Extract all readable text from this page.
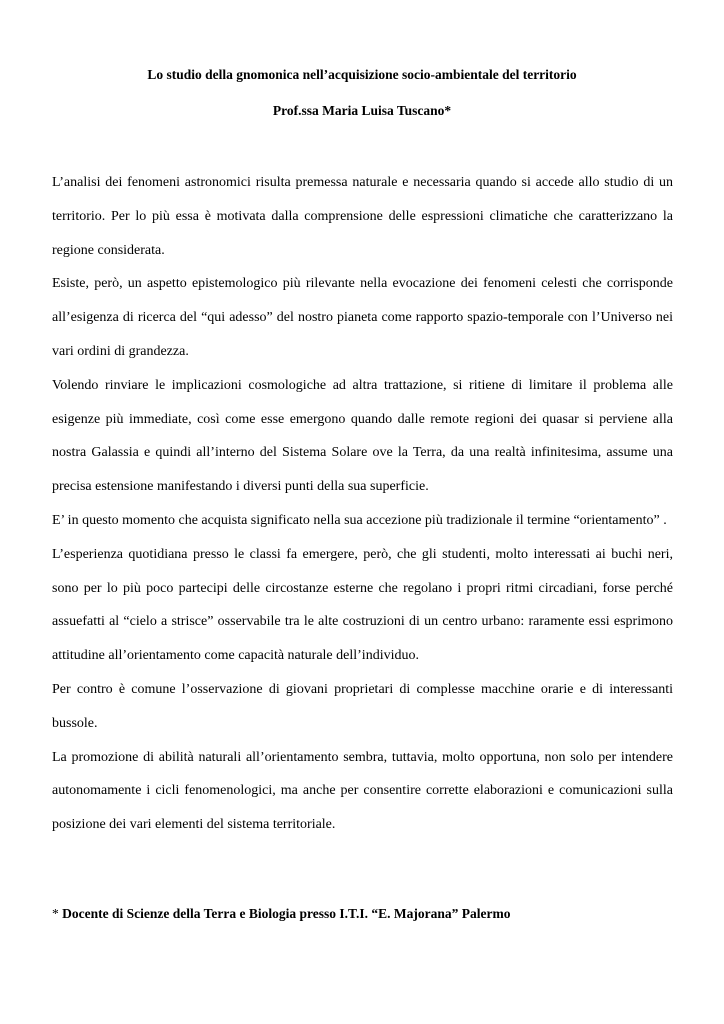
Lo studio della gnomonica nell’acquisizione socio-ambientale del territorio
Prof.ssa Maria Luisa Tuscano*

L’analisi dei fenomeni astronomici risulta premessa naturale e necessaria quando si accede allo studio di un territorio. Per lo più essa è motivata dalla comprensione delle espressioni climatiche che caratterizzano la regione considerata.

Esiste, però, un aspetto epistemologico più rilevante nella evocazione dei fenomeni celesti che corrisponde all’esigenza di ricerca del “qui adesso” del nostro pianeta come rapporto spazio-temporale con l’Universo nei vari ordini di grandezza.

Volendo rinviare le implicazioni cosmologiche ad altra trattazione, si ritiene di limitare il problema alle esigenze più immediate, così come esse emergono quando dalle remote regioni dei quasar si perviene alla nostra Galassia e quindi all’interno del Sistema Solare ove la Terra, da una realtà infinitesima, assume una precisa estensione manifestando i diversi punti della sua superficie.

E’ in questo momento che acquista significato nella sua accezione più tradizionale il termine “orientamento” .

L’esperienza quotidiana presso le classi fa emergere, però, che gli studenti, molto interessati ai buchi neri, sono per lo più poco partecipi delle circostanze esterne che regolano i propri ritmi circadiani, forse perché assuefatti al “cielo a strisce” osservabile tra le alte costruzioni di un centro urbano: raramente essi esprimono attitudine all’orientamento come capacità naturale dell’individuo.

Per contro è comune l’osservazione di giovani proprietari di complesse macchine orarie e di interessanti bussole.

La promozione di abilità naturali all’orientamento sembra, tuttavia, molto opportuna, non solo per intendere autonomamente i cicli fenomenologici, ma anche per consentire corrette elaborazioni e comunicazioni sulla posizione dei vari elementi del sistema territoriale.

* Docente di Scienze della Terra e Biologia presso I.T.I. “E. Majorana” Palermo
